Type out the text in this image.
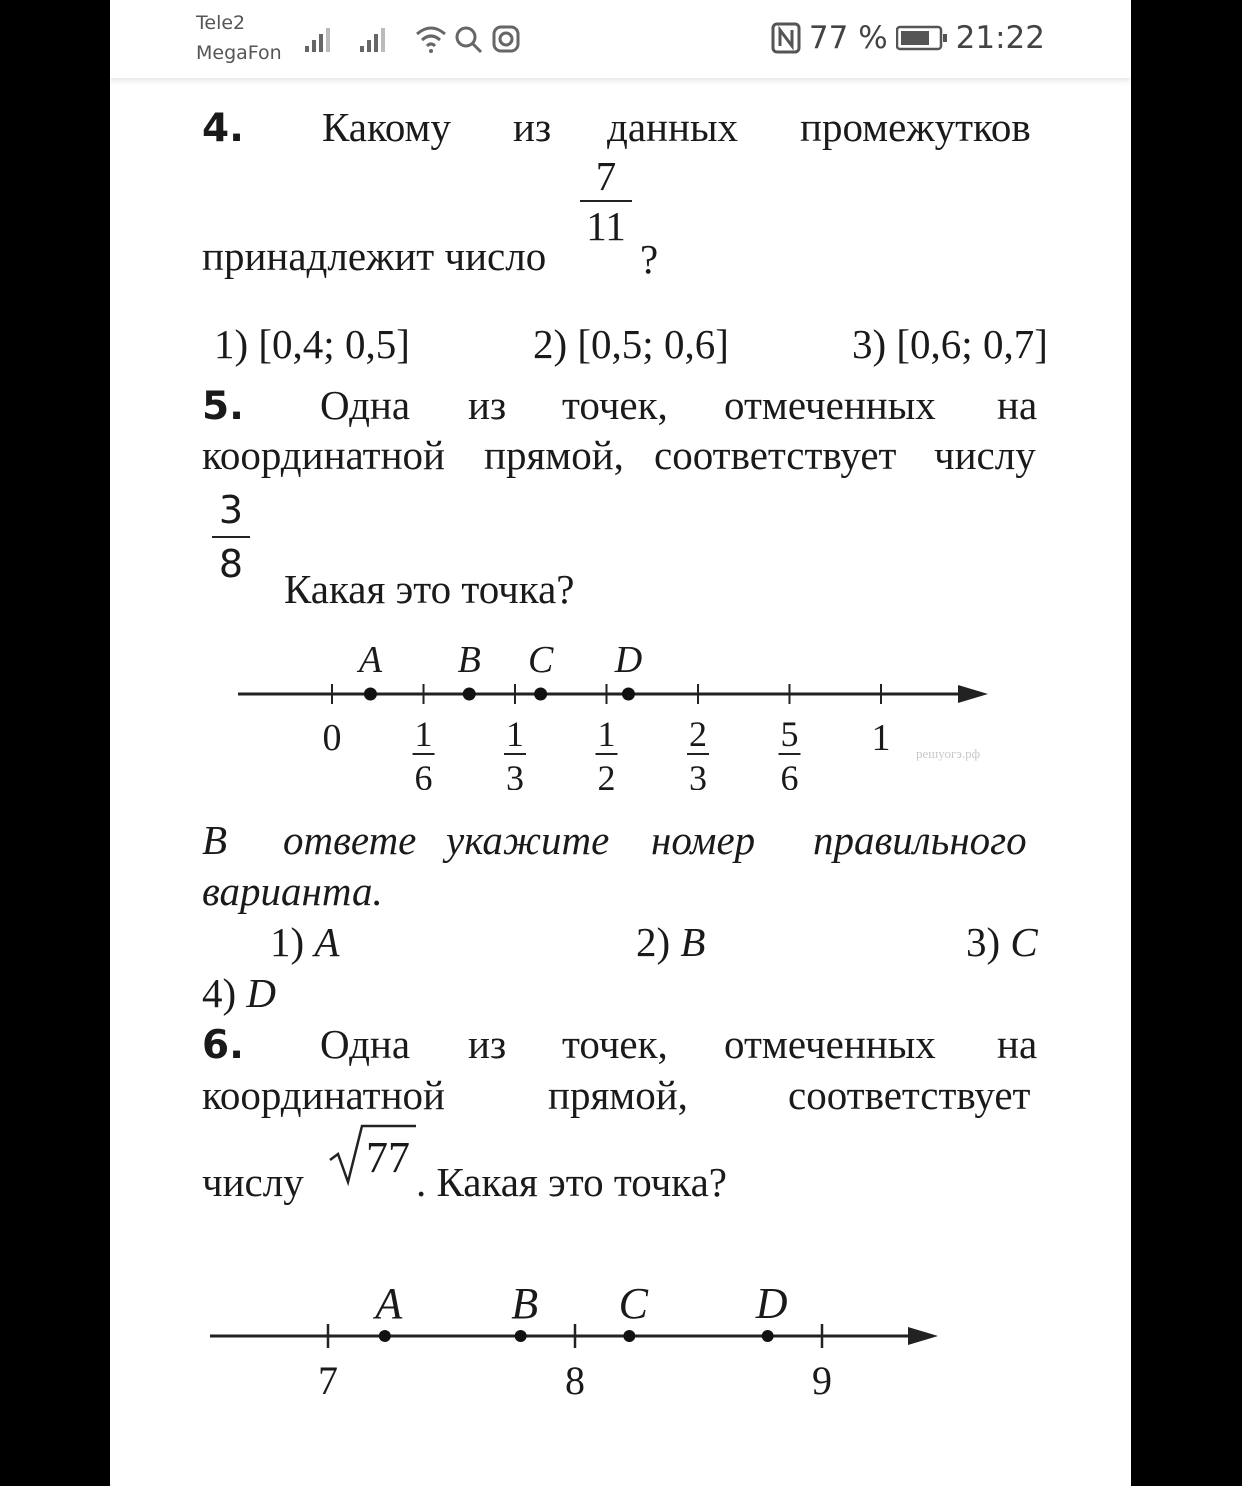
Tele2
MegaFon	77 % 21:22
4. Какому из данных промежутков
принадлежит число
$\frac{7}{11}$
?
1) [0,4; 0,5]	2) [0,5; 0,6]	3) [0,6; 0,7]
5. Одна из точек, отмеченных на
координатной прямой, соответствует числу
$\frac{3}{8}$
Какая это точка?
0 1
6
1
3
1
2
2
3
5
6
1
A B C D
решуогэ.рф
В ответе укажите номер правильного
варианта.
1) A	2) B	3) C
4) D
6. Одна из точек, отмеченных на
координатной	прямой, соответствует
числу 77 . Какая это точка?
7	8	9
A B C D
